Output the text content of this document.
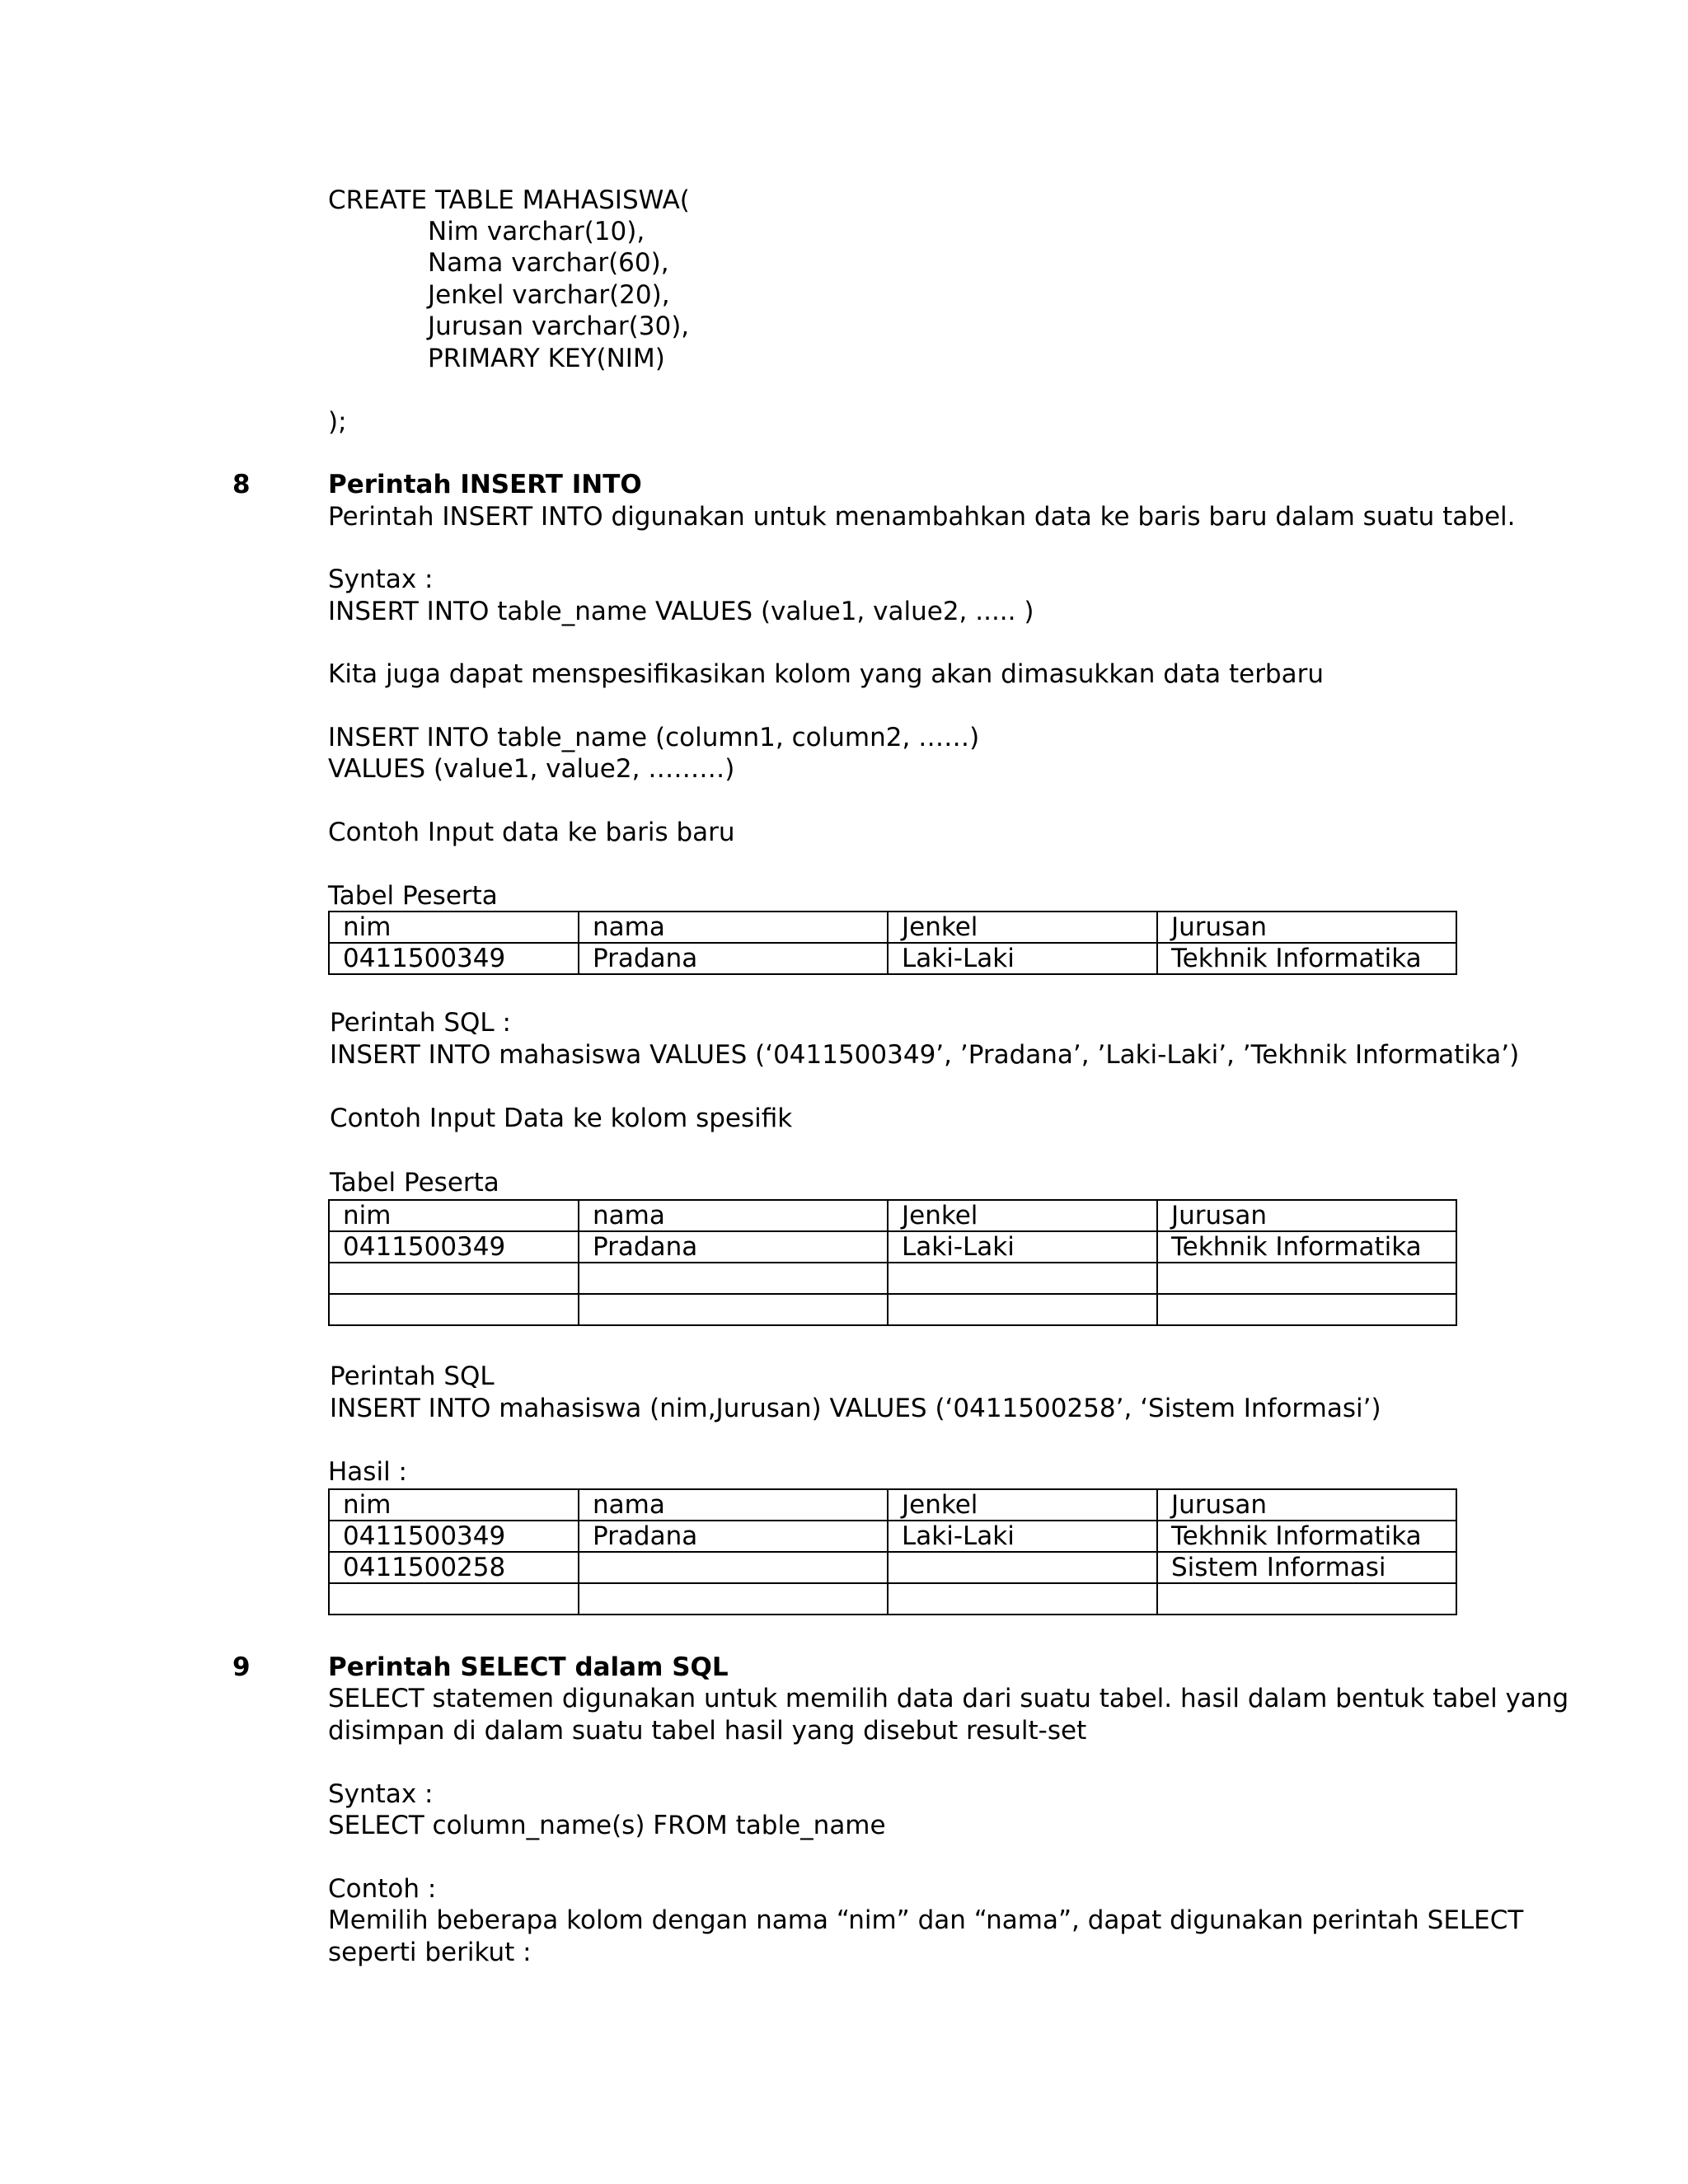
CREATE TABLE MAHASISWA(
Nim varchar(10),
Nama varchar(60),
Jenkel varchar(20),
Jurusan varchar(30),
PRIMARY KEY(NIM)
);
8	Perintah INSERT INTO
Perintah INSERT INTO digunakan untuk menambahkan data ke baris baru dalam suatu tabel.
Syntax :
INSERT INTO table_name VALUES (value1, value2, ..... )
Kita juga dapat menspesifikasikan kolom yang akan dimasukkan data terbaru
INSERT INTO table_name (column1, column2, ……)
VALUES (value1, value2, ………)
Contoh Input data ke baris baru
Tabel Peserta
nim	nama	Jenkel	Jurusan
0411500349	Pradana	Laki-Laki	Tekhnik Informatika
Perintah SQL :
INSERT INTO mahasiswa VALUES (‘0411500349’, ’Pradana’, ’Laki-Laki’, ’Tekhnik Informatika’)
Contoh Input Data ke kolom spesifik
Tabel Peserta
nim	nama	Jenkel	Jurusan
0411500349	Pradana	Laki-Laki	Tekhnik Informatika

Perintah SQL
INSERT INTO mahasiswa (nim,Jurusan) VALUES (‘0411500258’, ‘Sistem Informasi’)
Hasil :
nim	nama	Jenkel	Jurusan
0411500349	Pradana	Laki-Laki	Tekhnik Informatika
0411500258			Sistem Informasi

9	Perintah SELECT dalam SQL
SELECT statemen digunakan untuk memilih data dari suatu tabel. hasil dalam bentuk tabel yang
disimpan di dalam suatu tabel hasil yang disebut result-set
Syntax :
SELECT column_name(s) FROM table_name
Contoh :
Memilih beberapa kolom dengan nama “nim” dan “nama”, dapat digunakan perintah SELECT
seperti berikut :
